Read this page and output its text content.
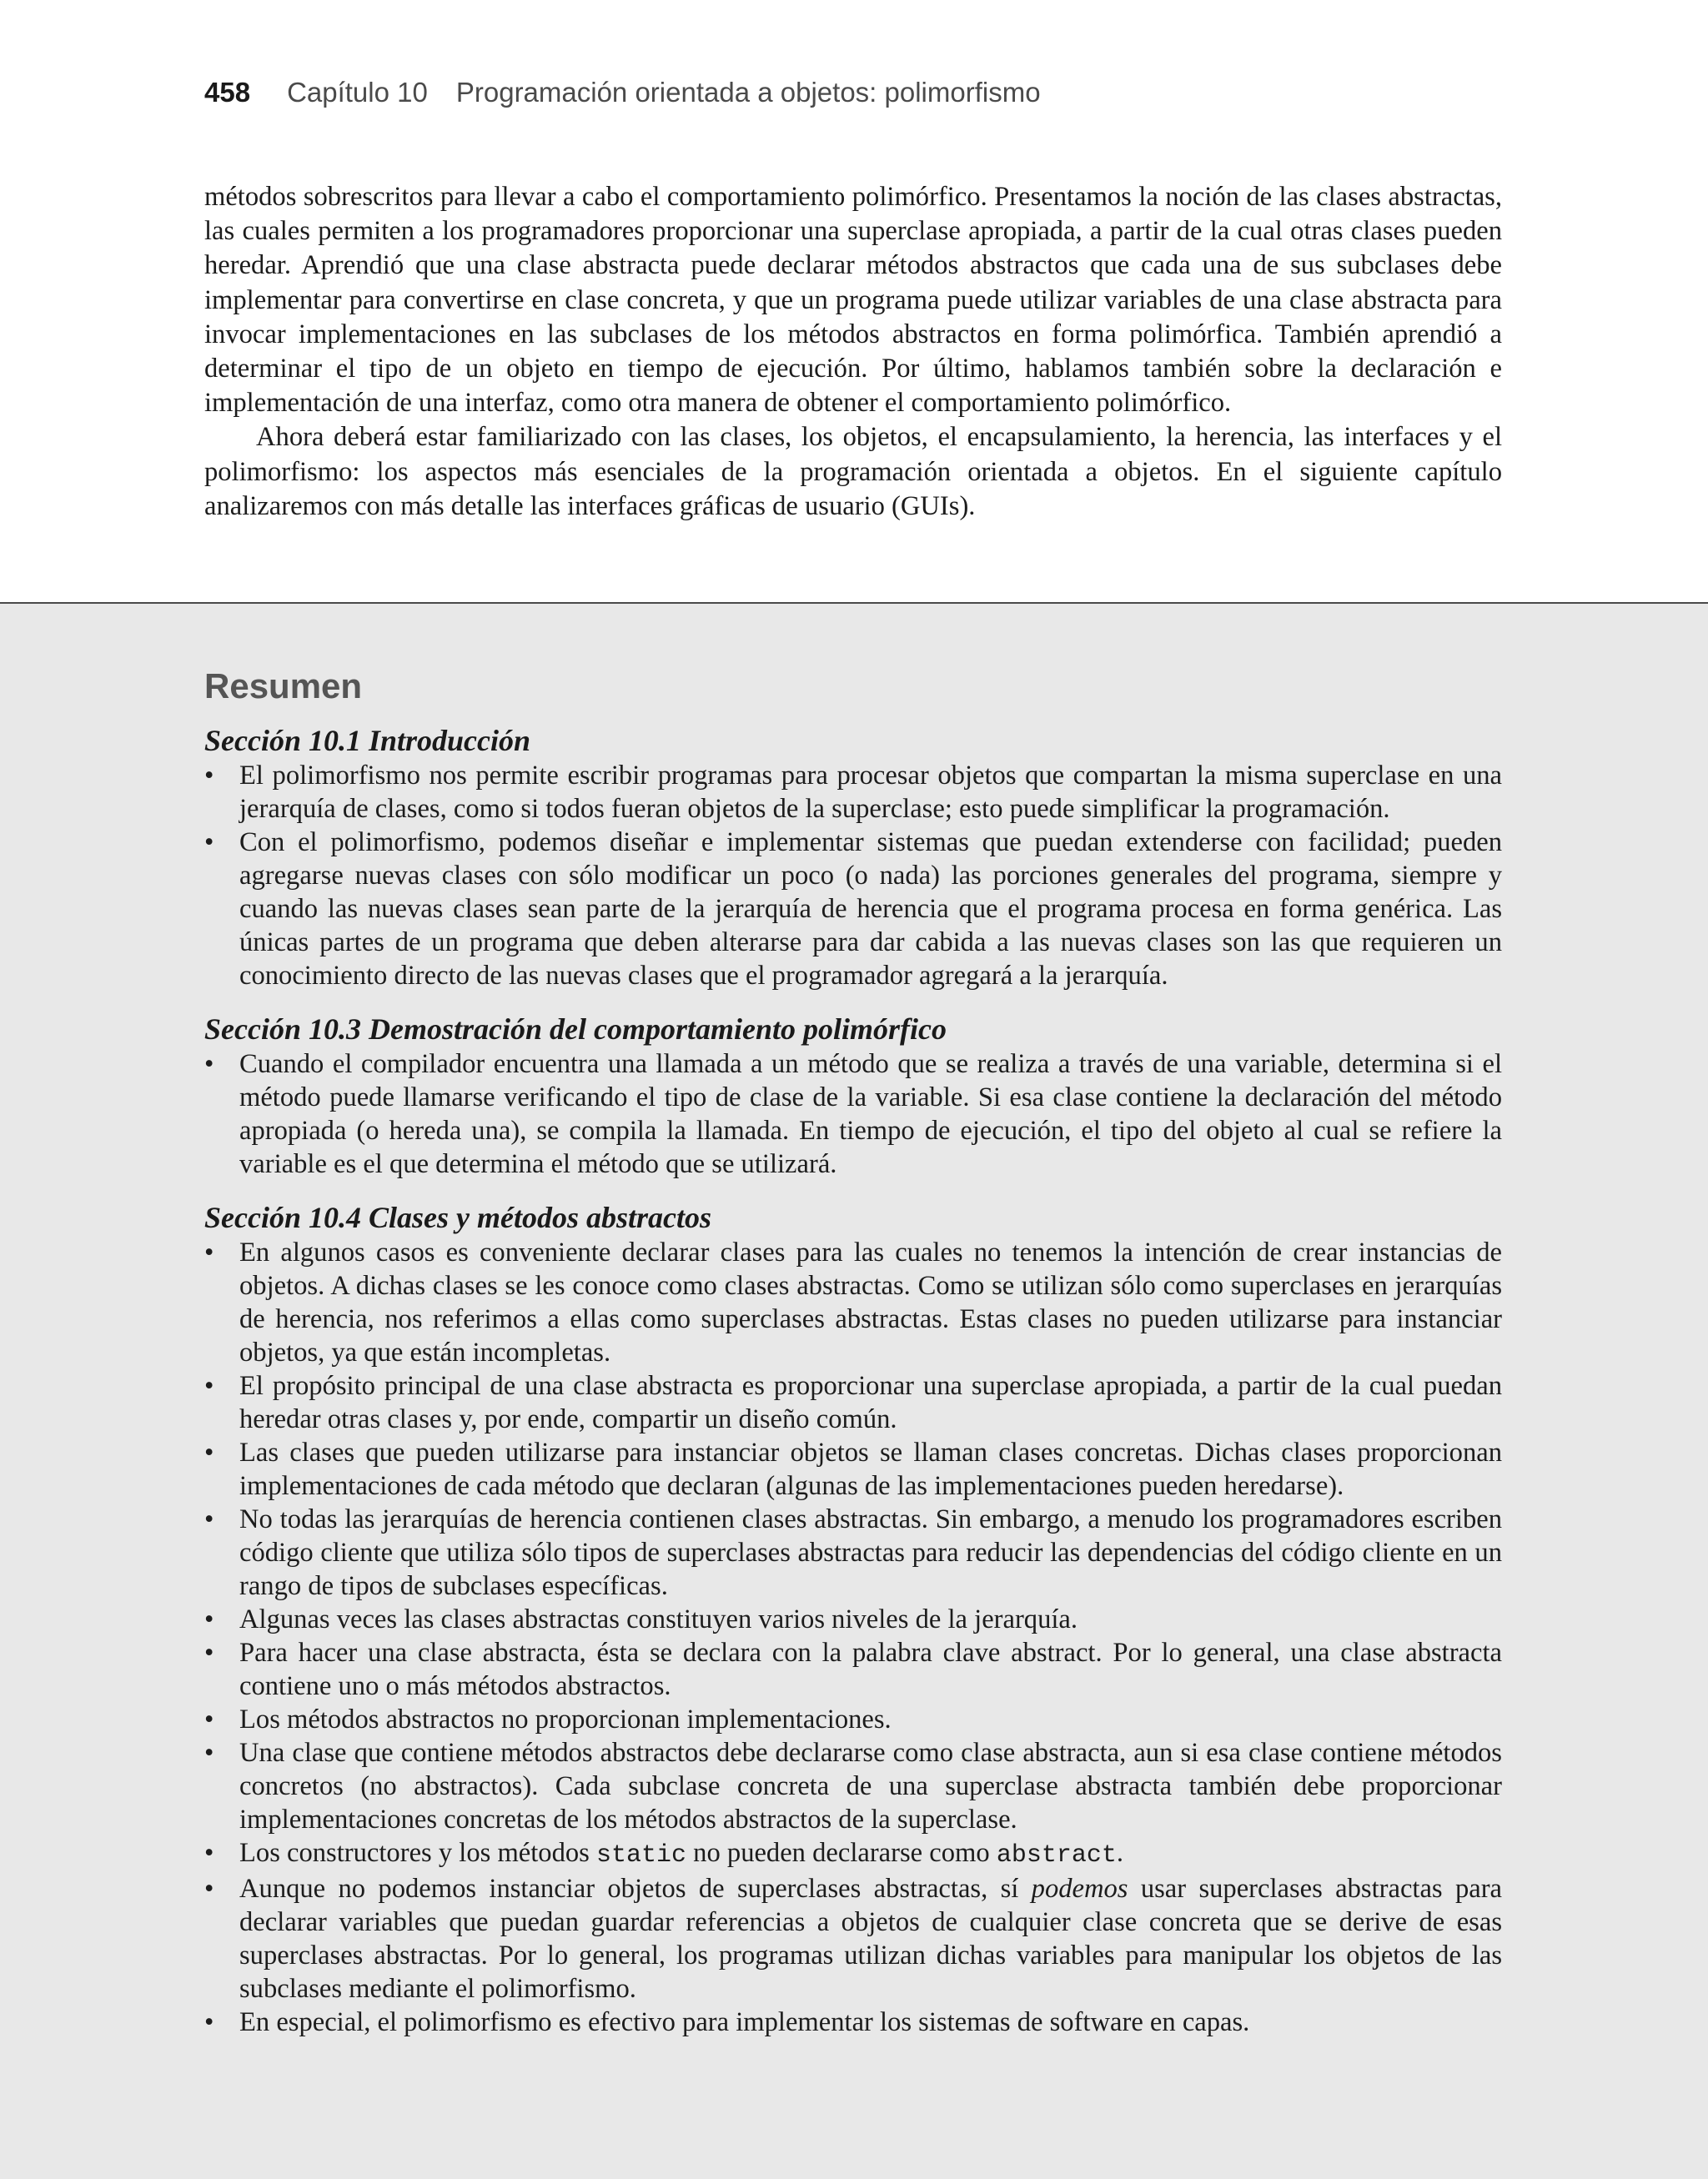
458 Capítulo 10 Programación orientada a objetos: polimorfismo

métodos sobrescritos para llevar a cabo el comportamiento polimórfico. Presentamos la noción de las clases abstractas, las cuales permiten a los programadores proporcionar una superclase apropiada, a partir de la cual otras clases pueden heredar. Aprendió que una clase abstracta puede declarar métodos abstractos que cada una de sus subclases debe implementar para convertirse en clase concreta, y que un programa puede utilizar variables de una clase abstracta para invocar implementaciones en las subclases de los métodos abstractos en forma polimórfica. También aprendió a determinar el tipo de un objeto en tiempo de ejecución. Por último, hablamos también sobre la declaración e implementación de una interfaz, como otra manera de obtener el comportamiento polimórfico.

Ahora deberá estar familiarizado con las clases, los objetos, el encapsulamiento, la herencia, las interfaces y el polimorfismo: los aspectos más esenciales de la programación orientada a objetos. En el siguiente capítulo analizaremos con más detalle las interfaces gráficas de usuario (GUIs).

Resumen
Sección 10.1 Introducción
• El polimorfismo nos permite escribir programas para procesar objetos que compartan la misma superclase en una jerarquía de clases, como si todos fueran objetos de la superclase; esto puede simplificar la programación.
• Con el polimorfismo, podemos diseñar e implementar sistemas que puedan extenderse con facilidad; pueden agregarse nuevas clases con sólo modificar un poco (o nada) las porciones generales del programa, siempre y cuando las nuevas clases sean parte de la jerarquía de herencia que el programa procesa en forma genérica. Las únicas partes de un programa que deben alterarse para dar cabida a las nuevas clases son las que requieren un conocimiento directo de las nuevas clases que el programador agregará a la jerarquía.
Sección 10.3 Demostración del comportamiento polimórfico
• Cuando el compilador encuentra una llamada a un método que se realiza a través de una variable, determina si el método puede llamarse verificando el tipo de clase de la variable. Si esa clase contiene la declaración del método apropiada (o hereda una), se compila la llamada. En tiempo de ejecución, el tipo del objeto al cual se refiere la variable es el que determina el método que se utilizará.
Sección 10.4 Clases y métodos abstractos
• En algunos casos es conveniente declarar clases para las cuales no tenemos la intención de crear instancias de objetos. A dichas clases se les conoce como clases abstractas. Como se utilizan sólo como superclases en jerarquías de herencia, nos referimos a ellas como superclases abstractas. Estas clases no pueden utilizarse para instanciar objetos, ya que están incompletas.
• El propósito principal de una clase abstracta es proporcionar una superclase apropiada, a partir de la cual puedan heredar otras clases y, por ende, compartir un diseño común.
• Las clases que pueden utilizarse para instanciar objetos se llaman clases concretas. Dichas clases proporcionan implementaciones de cada método que declaran (algunas de las implementaciones pueden heredarse).
• No todas las jerarquías de herencia contienen clases abstractas. Sin embargo, a menudo los programadores escriben código cliente que utiliza sólo tipos de superclases abstractas para reducir las dependencias del código cliente en un rango de tipos de subclases específicas.
• Algunas veces las clases abstractas constituyen varios niveles de la jerarquía.
• Para hacer una clase abstracta, ésta se declara con la palabra clave abstract. Por lo general, una clase abstracta contiene uno o más métodos abstractos.
• Los métodos abstractos no proporcionan implementaciones.
• Una clase que contiene métodos abstractos debe declararse como clase abstracta, aun si esa clase contiene métodos concretos (no abstractos). Cada subclase concreta de una superclase abstracta también debe proporcionar implementaciones concretas de los métodos abstractos de la superclase.
• Los constructores y los métodos static no pueden declararse como abstract.
• Aunque no podemos instanciar objetos de superclases abstractas, sí podemos usar superclases abstractas para declarar variables que puedan guardar referencias a objetos de cualquier clase concreta que se derive de esas superclases abstractas. Por lo general, los programas utilizan dichas variables para manipular los objetos de las subclases mediante el polimorfismo.
• En especial, el polimorfismo es efectivo para implementar los sistemas de software en capas.
